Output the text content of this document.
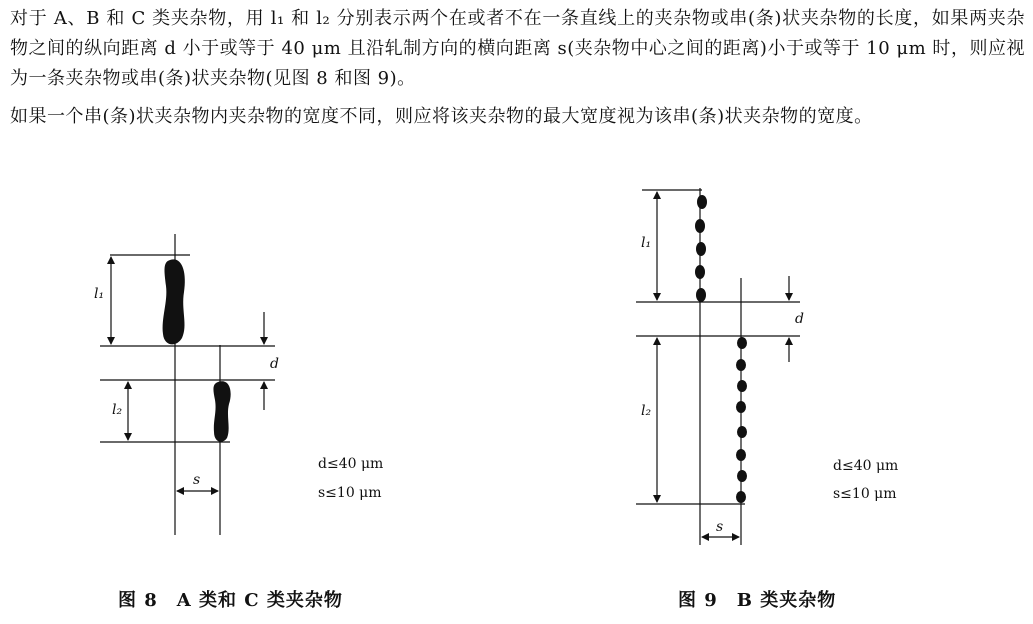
对于 A、B 和 C 类夹杂物，用 l₁ 和 l₂ 分别表示两个在或者不在一条直线上的夹杂物或串(条)状夹杂物的长度，如果两夹杂物之间的纵向距离 d 小于或等于 40 μm 且沿轧制方向的横向距离 s(夹杂物中心之间的距离)小于或等于 10 μm 时，则应视为一条夹杂物或串(条)状夹杂物(见图 8 和图 9)。
如果一个串(条)状夹杂物内夹杂物的宽度不同，则应将该夹杂物的最大宽度视为该串(条)状夹杂物的宽度。
l₁
l₂
d
s
d≤40 μm
s≤10 μm
l₁
l₂
d
s
d≤40 μm
s≤10 μm
图 8　A 类和 C 类夹杂物	图 9　B 类夹杂物
